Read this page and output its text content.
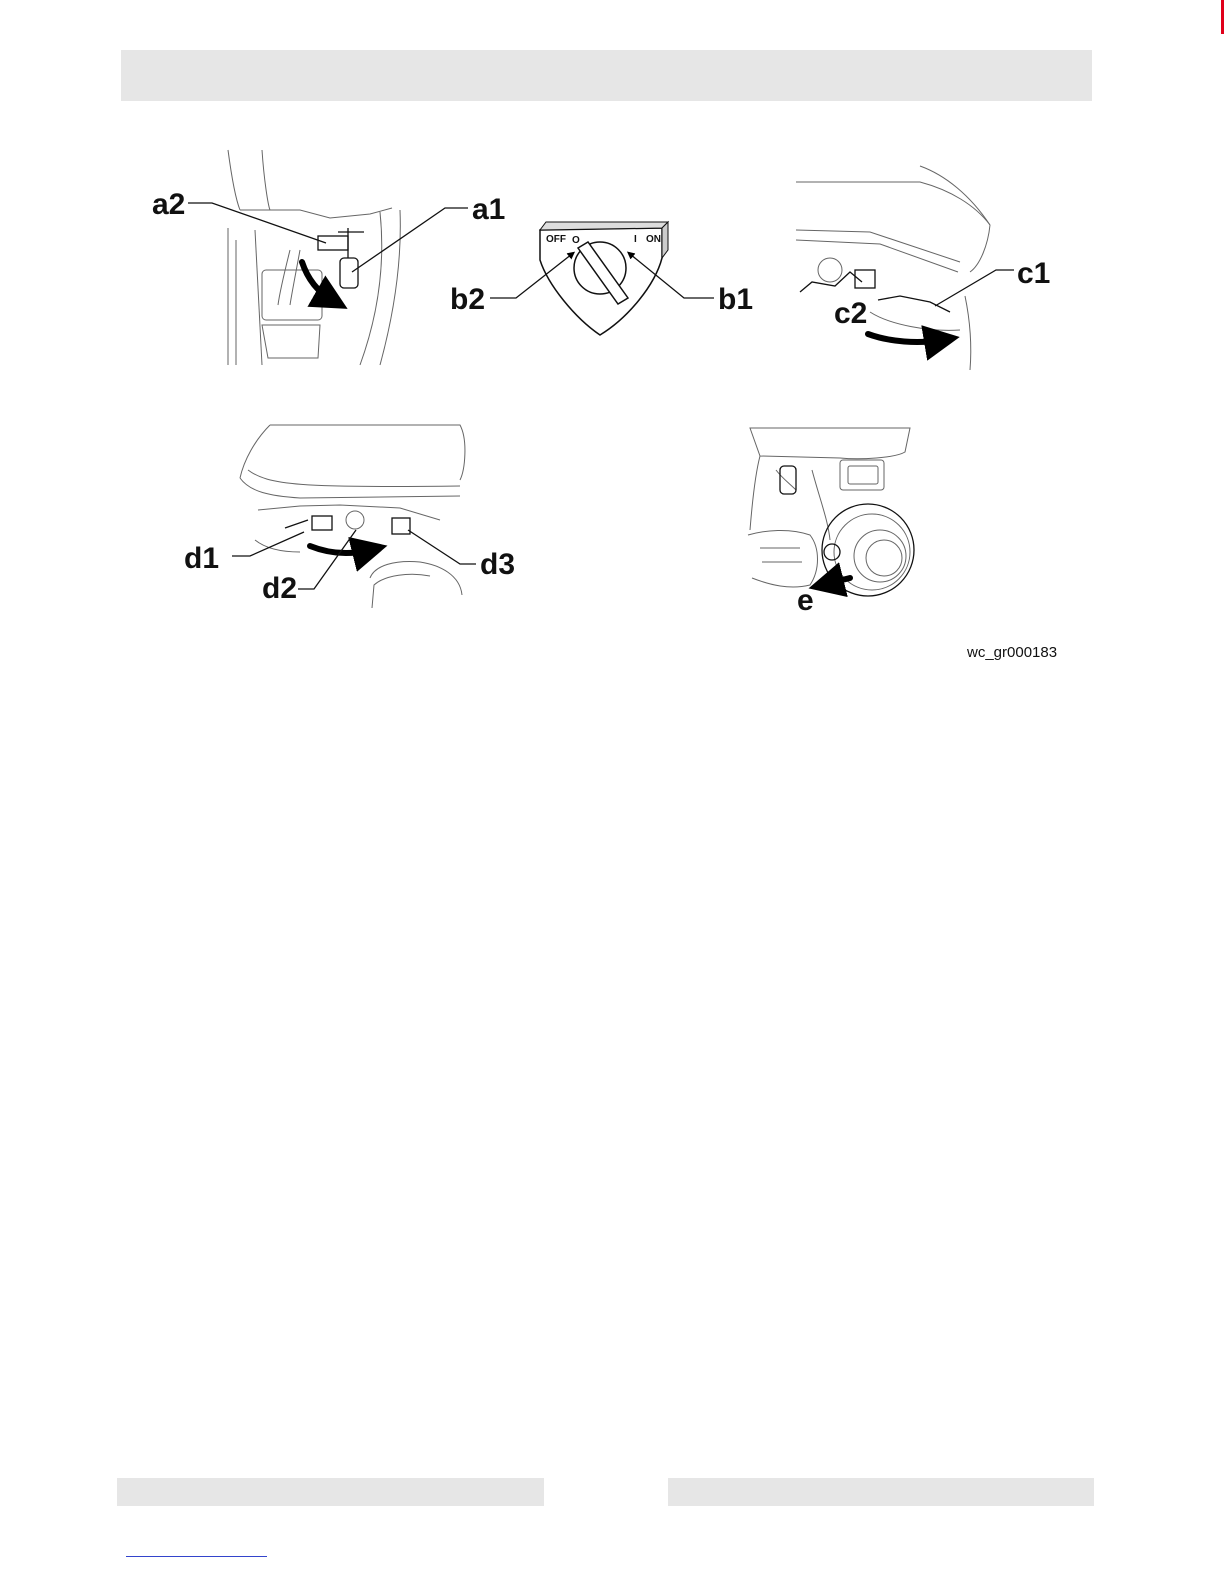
a2	a1
OFF O	I ON
b2	b1
c1
c2
d1
d2
d3
e
wc_gr000183
